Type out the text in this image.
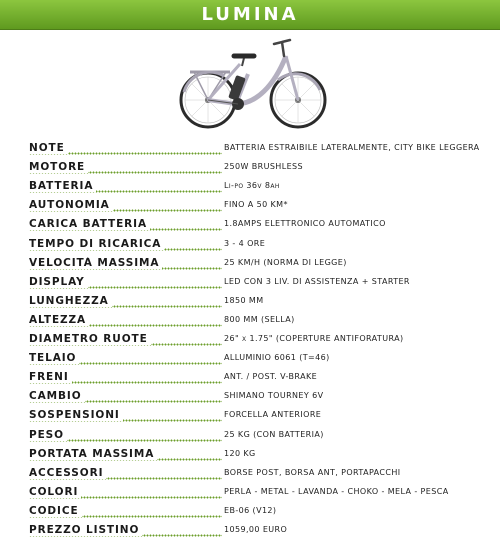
LUMINA
NOTE	BATTERIA ESTRAIBILE LATERALMENTE, CITY BIKE LEGGERA
MOTORE	250W BRUSHLESS
BATTERIA	Li-po 36v 8ah
AUTONOMIA	FINO A 50 KM*
CARICA BATTERIA	1.8AMPS ELETTRONICO AUTOMATICO
TEMPO DI RICARICA	3 - 4 ORE
VELOCITÀ MASSIMA	25 KM/H (NORMA DI LEGGE)
DISPLAY	LED CON 3 LIV. DI ASSISTENZA + STARTER
LUNGHEZZA	1850 MM
ALTEZZA	800 MM (SELLA)
DIAMETRO RUOTE	26" x 1.75" (COPERTURE ANTIFORATURA)
TELAIO	ALLUMINIO 6061 (T=46)
FRENI	ANT. / POST. V-BRAKE
CAMBIO	SHIMANO TOURNEY 6V
SOSPENSIONI	FORCELLA ANTERIORE
PESO	25 KG (CON BATTERIA)
PORTATA MASSIMA	120 KG
ACCESSORI	BORSE POST, BORSA ANT, PORTAPACCHI
COLORI	PERLA - METAL - LAVANDA - CHOKO - MELA - PESCA
CODICE	EB-06 (V12)
PREZZO LISTINO	1059,00 EURO
